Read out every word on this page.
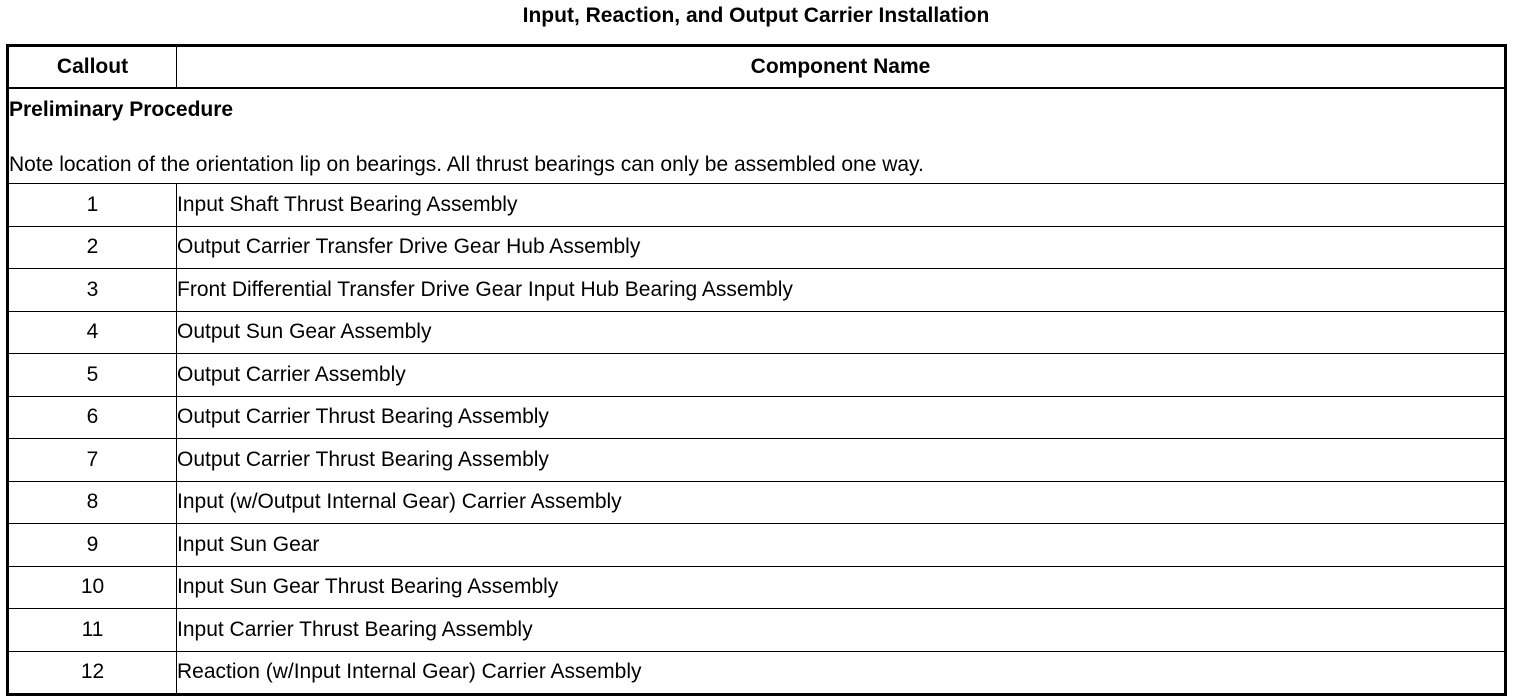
Input, Reaction, and Output Carrier Installation
Callout	Component Name

Preliminary Procedure
Note location of the orientation lip on bearings. All thrust bearings can only be assembled one way.	

1	Input Shaft Thrust Bearing Assembly
2	Output Carrier Transfer Drive Gear Hub Assembly
3	Front Differential Transfer Drive Gear Input Hub Bearing Assembly
4	Output Sun Gear Assembly
5	Output Carrier Assembly
6	Output Carrier Thrust Bearing Assembly
7	Output Carrier Thrust Bearing Assembly
8	Input (w/Output Internal Gear) Carrier Assembly
9	Input Sun Gear
10	Input Sun Gear Thrust Bearing Assembly
11	Input Carrier Thrust Bearing Assembly
12	Reaction (w/Input Internal Gear) Carrier Assembly
